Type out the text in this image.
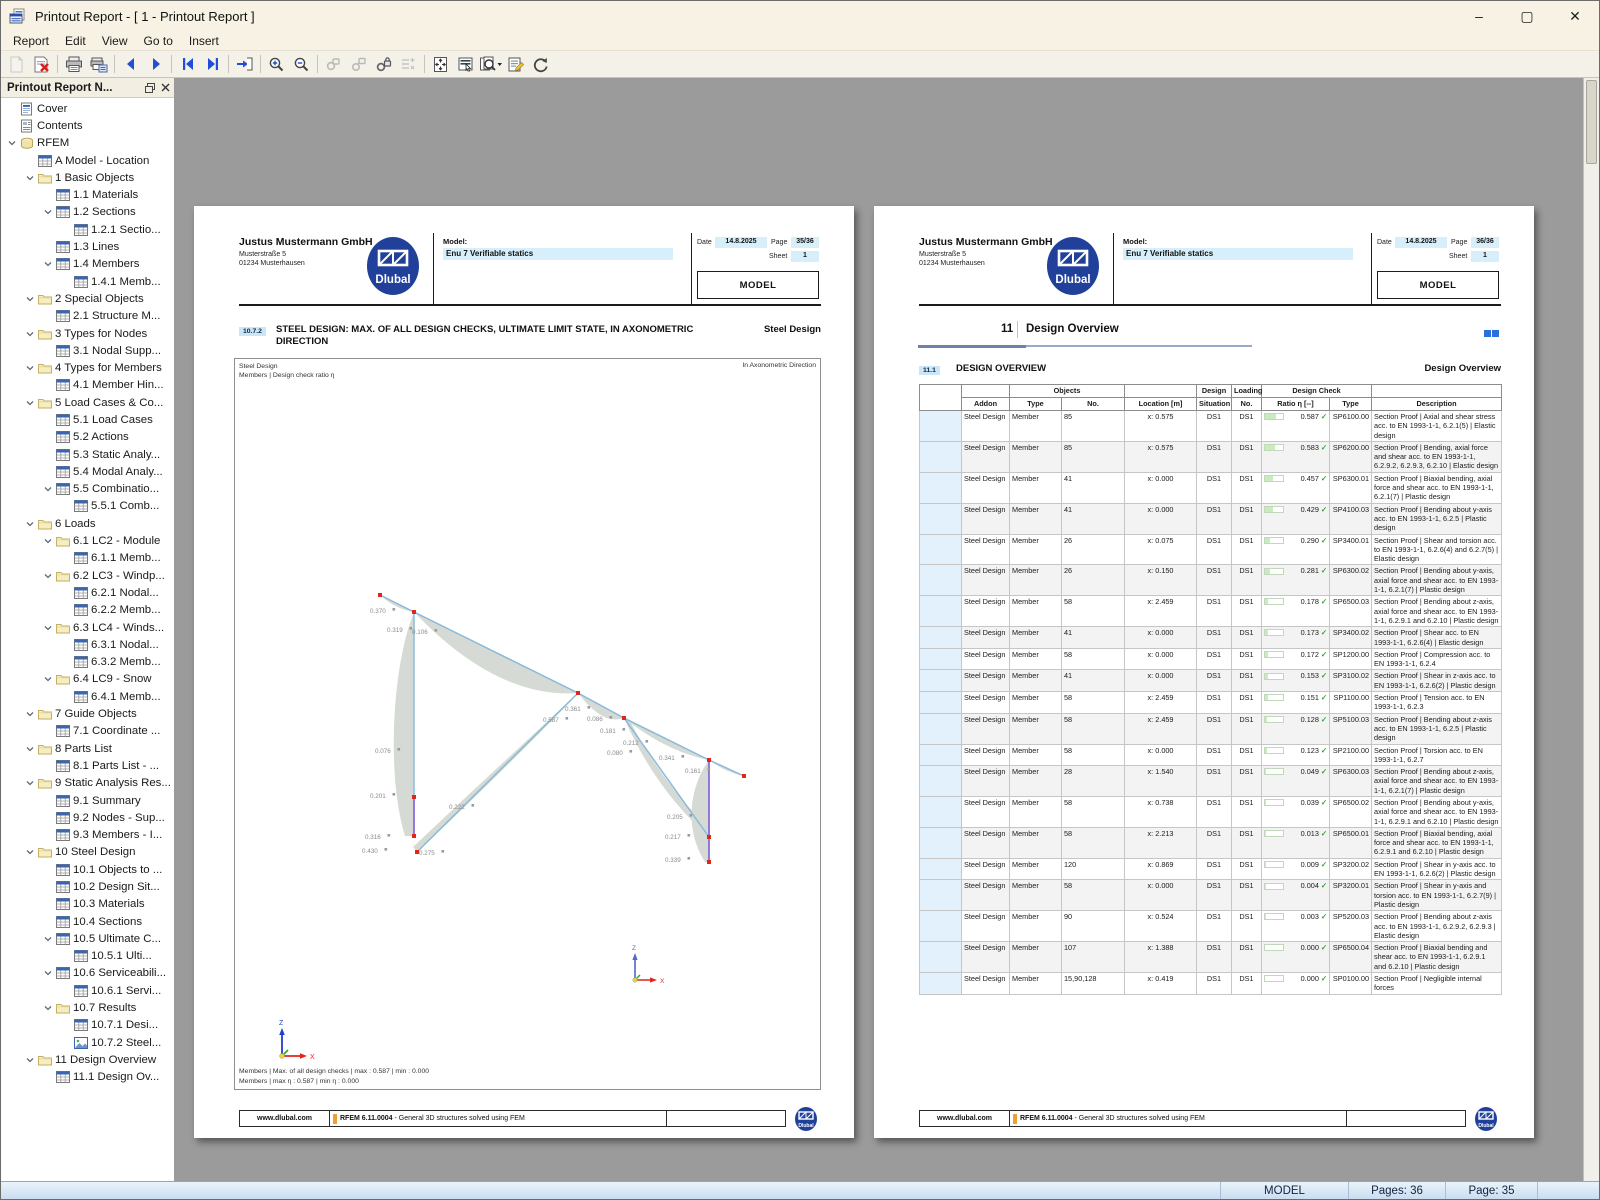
Printout Report - [ 1 - Printout Report ]	–	▢	✕
Report	Edit	View	Go to	Insert
Printout Report N...
Cover
Contents
RFEM
A Model - Location
1 Basic Objects
1.1 Materials
1.2 Sections
1.2.1 Sectio...
1.3 Lines
1.4 Members
1.4.1 Memb...
2 Special Objects
2.1 Structure M...
3 Types for Nodes
3.1 Nodal Supp...
4 Types for Members
4.1 Member Hin...
5 Load Cases & Co...
5.1 Load Cases
5.2 Actions
5.3 Static Analy...
5.4 Modal Analy...
5.5 Combinatio...
5.5.1 Comb...
6 Loads
6.1 LC2 - Module
6.1.1 Memb...
6.2 LC3 - Windp...
6.2.1 Nodal...
6.2.2 Memb...
6.3 LC4 - Winds...
6.3.1 Nodal...
6.3.2 Memb...
6.4 LC9 - Snow
6.4.1 Memb...
7 Guide Objects
7.1 Coordinate ...
8 Parts List
8.1 Parts List - ...
9 Static Analysis Res...
9.1 Summary
9.2 Nodes - Sup...
9.3 Members - I...
10 Steel Design
10.1 Objects to ...
10.2 Design Sit...
10.3 Materials
10.4 Sections
10.5 Ultimate C...
10.5.1 Ulti...
10.6 Serviceabili...
10.6.1 Servi...
10.7 Results
10.7.1 Desi...
10.7.2 Steel...
11 Design Overview
11.1 Design Ov...
Justus Mustermann GmbH
Musterstraße 5
01234 Musterhausen
Dlubal
Model:
Enu 7 Verifiable statics
Date	14.8.2025	Page	35/36
Sheet	1
MODEL
10.7.2	STEEL DESIGN: MAX. OF ALL DESIGN CHECKS, ULTIMATE LIMIT STATE, IN AXONOMETRIC DIRECTION
Steel Design
Steel Design
Members | Design check ratio η
In Axonometric Direction
0.370
0.319 0.106
0.076
0.201
0.316
0.430	0.275
0.222
0.587
0.361
0.086
0.181
0.212
0.080
0.341
0.161
0.205
0.217
0.339
Z
X
Z
X
Members | Max. of all design checks | max : 0.587 | min : 0.000
Members | max η : 0.587 | min η : 0.000
www.dlubal.com	RFEM 6.11.0004 - General 3D structures solved using FEM
Dlubal
Justus Mustermann GmbH
Musterstraße 5
01234 Musterhausen
Dlubal
Model:
Enu 7 Verifiable statics
Date	14.8.2025	Page	36/36
Sheet	1
MODEL
11 Design Overview
11.1	DESIGN OVERVIEW	Design Overview
		Objects			Design	Loading	Design Check		
	Addon	Type	No.	Location [m]	Situation	No.	Ratio η [--]	Type	Description
	Steel Design	Member	85	x: 0.575	DS1	DS1	0.587 ✓	SP6100.00	Section Proof | Axial and shear stress acc. to EN 1993-1-1, 6.2.1(5) | Elastic design
	Steel Design	Member	85	x: 0.575	DS1	DS1	0.583 ✓	SP6200.00	Section Proof | Bending, axial force and shear acc. to EN 1993-1-1, 6.2.9.2, 6.2.9.3, 6.2.10 | Elastic design
	Steel Design	Member	41	x: 0.000	DS1	DS1	0.457 ✓	SP6300.01	Section Proof | Biaxial bending, axial force and shear acc. to EN 1993-1-1, 6.2.1(7) | Plastic design
	Steel Design	Member	41	x: 0.000	DS1	DS1	0.429 ✓	SP4100.03	Section Proof | Bending about y-axis acc. to EN 1993-1-1, 6.2.5 | Plastic design
	Steel Design	Member	26	x: 0.075	DS1	DS1	0.290 ✓	SP3400.01	Section Proof | Shear and torsion acc. to EN 1993-1-1, 6.2.6(4) and 6.2.7(5) | Elastic design
	Steel Design	Member	26	x: 0.150	DS1	DS1	0.281 ✓	SP6300.02	Section Proof | Bending about y-axis, axial force and shear acc. to EN 1993-1-1, 6.2.1(7) | Plastic design
	Steel Design	Member	58	x: 2.459	DS1	DS1	0.178 ✓	SP6500.03	Section Proof | Bending about z-axis, axial force and shear acc. to EN 1993-1-1, 6.2.9.1 and 6.2.10 | Plastic design
	Steel Design	Member	41	x: 0.000	DS1	DS1	0.173 ✓	SP3400.02	Section Proof | Shear acc. to EN 1993-1-1, 6.2.6(4) | Elastic design
	Steel Design	Member	58	x: 0.000	DS1	DS1	0.172 ✓	SP1200.00	Section Proof | Compression acc. to EN 1993-1-1, 6.2.4
	Steel Design	Member	41	x: 0.000	DS1	DS1	0.153 ✓	SP3100.02	Section Proof | Shear in z-axis acc. to EN 1993-1-1, 6.2.6(2) | Plastic design
	Steel Design	Member	58	x: 2.459	DS1	DS1	0.151 ✓	SP1100.00	Section Proof | Tension acc. to EN 1993-1-1, 6.2.3
	Steel Design	Member	58	x: 2.459	DS1	DS1	0.128 ✓	SP5100.03	Section Proof | Bending about z-axis acc. to EN 1993-1-1, 6.2.5 | Plastic design
	Steel Design	Member	58	x: 0.000	DS1	DS1	0.123 ✓	SP2100.00	Section Proof | Torsion acc. to EN 1993-1-1, 6.2.7
	Steel Design	Member	28	x: 1.540	DS1	DS1	0.049 ✓	SP6300.03	Section Proof | Bending about z-axis, axial force and shear acc. to EN 1993-1-1, 6.2.1(7) | Plastic design
	Steel Design	Member	58	x: 0.738	DS1	DS1	0.039 ✓	SP6500.02	Section Proof | Bending about y-axis, axial force and shear acc. to EN 1993-1-1, 6.2.9.1 and 6.2.10 | Plastic design
	Steel Design	Member	58	x: 2.213	DS1	DS1	0.013 ✓	SP6500.01	Section Proof | Biaxial bending, axial force and shear acc. to EN 1993-1-1, 6.2.9.1 and 6.2.10 | Plastic design
	Steel Design	Member	120	x: 0.869	DS1	DS1	0.009 ✓	SP3200.02	Section Proof | Shear in y-axis acc. to EN 1993-1-1, 6.2.6(2) | Plastic design
	Steel Design	Member	58	x: 0.000	DS1	DS1	0.004 ✓	SP3200.01	Section Proof | Shear in y-axis and torsion acc. to EN 1993-1-1, 6.2.7(9) | Plastic design
	Steel Design	Member	90	x: 0.524	DS1	DS1	0.003 ✓	SP5200.03	Section Proof | Bending about z-axis acc. to EN 1993-1-1, 6.2.9.2, 6.2.9.3 | Elastic design
	Steel Design	Member	107	x: 1.388	DS1	DS1	0.000 ✓	SP6500.04	Section Proof | Biaxial bending and shear acc. to EN 1993-1-1, 6.2.9.1 and 6.2.10 | Plastic design
	Steel Design	Member	15,90,128	x: 0.419	DS1	DS1	0.000 ✓	SP0100.00	Section Proof | Negligible internal forces
www.dlubal.com	RFEM 6.11.0004 - General 3D structures solved using FEM
Dlubal
MODEL	Pages: 36	Page: 35
